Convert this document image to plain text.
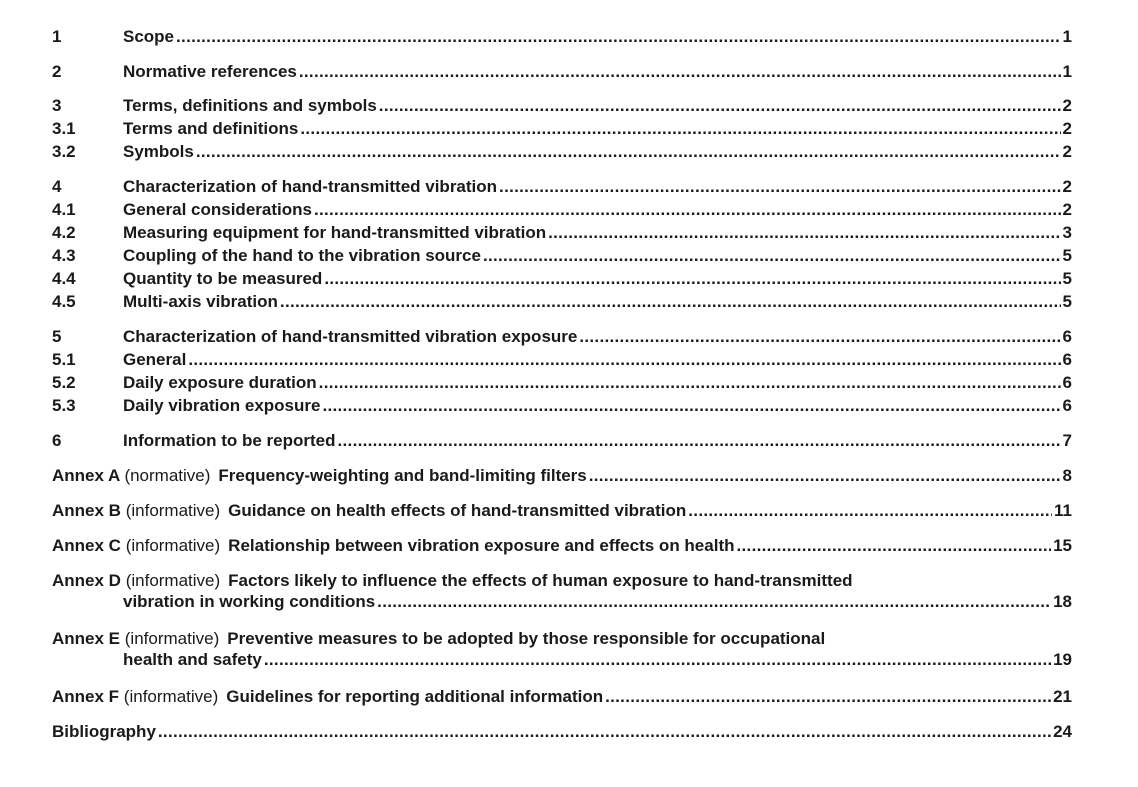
1	Scope .....	1
2	Normative references .....	1
3	Terms, definitions and symbols .....	2
3.1	Terms and definitions .....	2
3.2	Symbols .....	2
4	Characterization of hand-transmitted vibration .....	2
4.1	General considerations .....	2
4.2	Measuring equipment for hand-transmitted vibration .....	3
4.3	Coupling of the hand to the vibration source .....	5
4.4	Quantity to be measured .....	5
4.5	Multi-axis vibration .....	5
5	Characterization of hand-transmitted vibration exposure .....	6
5.1	General .....	6
5.2	Daily exposure duration .....	6
5.3	Daily vibration exposure .....	6
6	Information to be reported .....	7
Annex A (normative) Frequency-weighting and band-limiting filters .....	8
Annex B (informative) Guidance on health effects of hand-transmitted vibration .....	11
Annex C (informative) Relationship between vibration exposure and effects on health .....	15
Annex D (informative) Factors likely to influence the effects of human exposure to hand-transmitted
vibration in working conditions .....	18
Annex E (informative) Preventive measures to be adopted by those responsible for occupational
health and safety .....	19
Annex F (informative) Guidelines for reporting additional information .....	21
Bibliography .....	24
